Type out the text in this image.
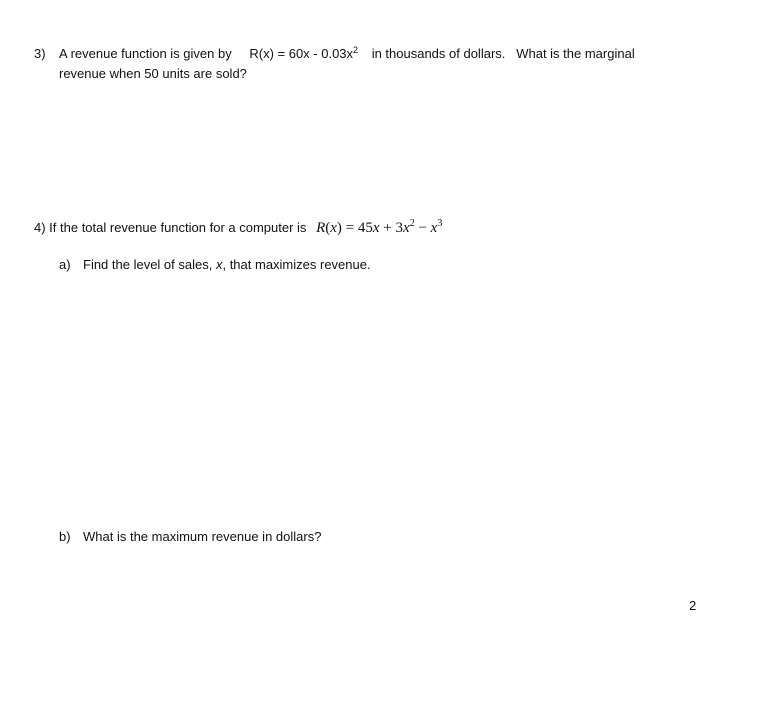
3) A revenue function is given by $R(x) = 60x - 0.03x^2$ in thousands of dollars.   What is the marginal
revenue when 50 units are sold?
4) If the total revenue function for a computer is $R(x) = 45x + 3x^2 - x^3$
a) Find the level of sales, x, that maximizes revenue.
b) What is the maximum revenue in dollars?
2
